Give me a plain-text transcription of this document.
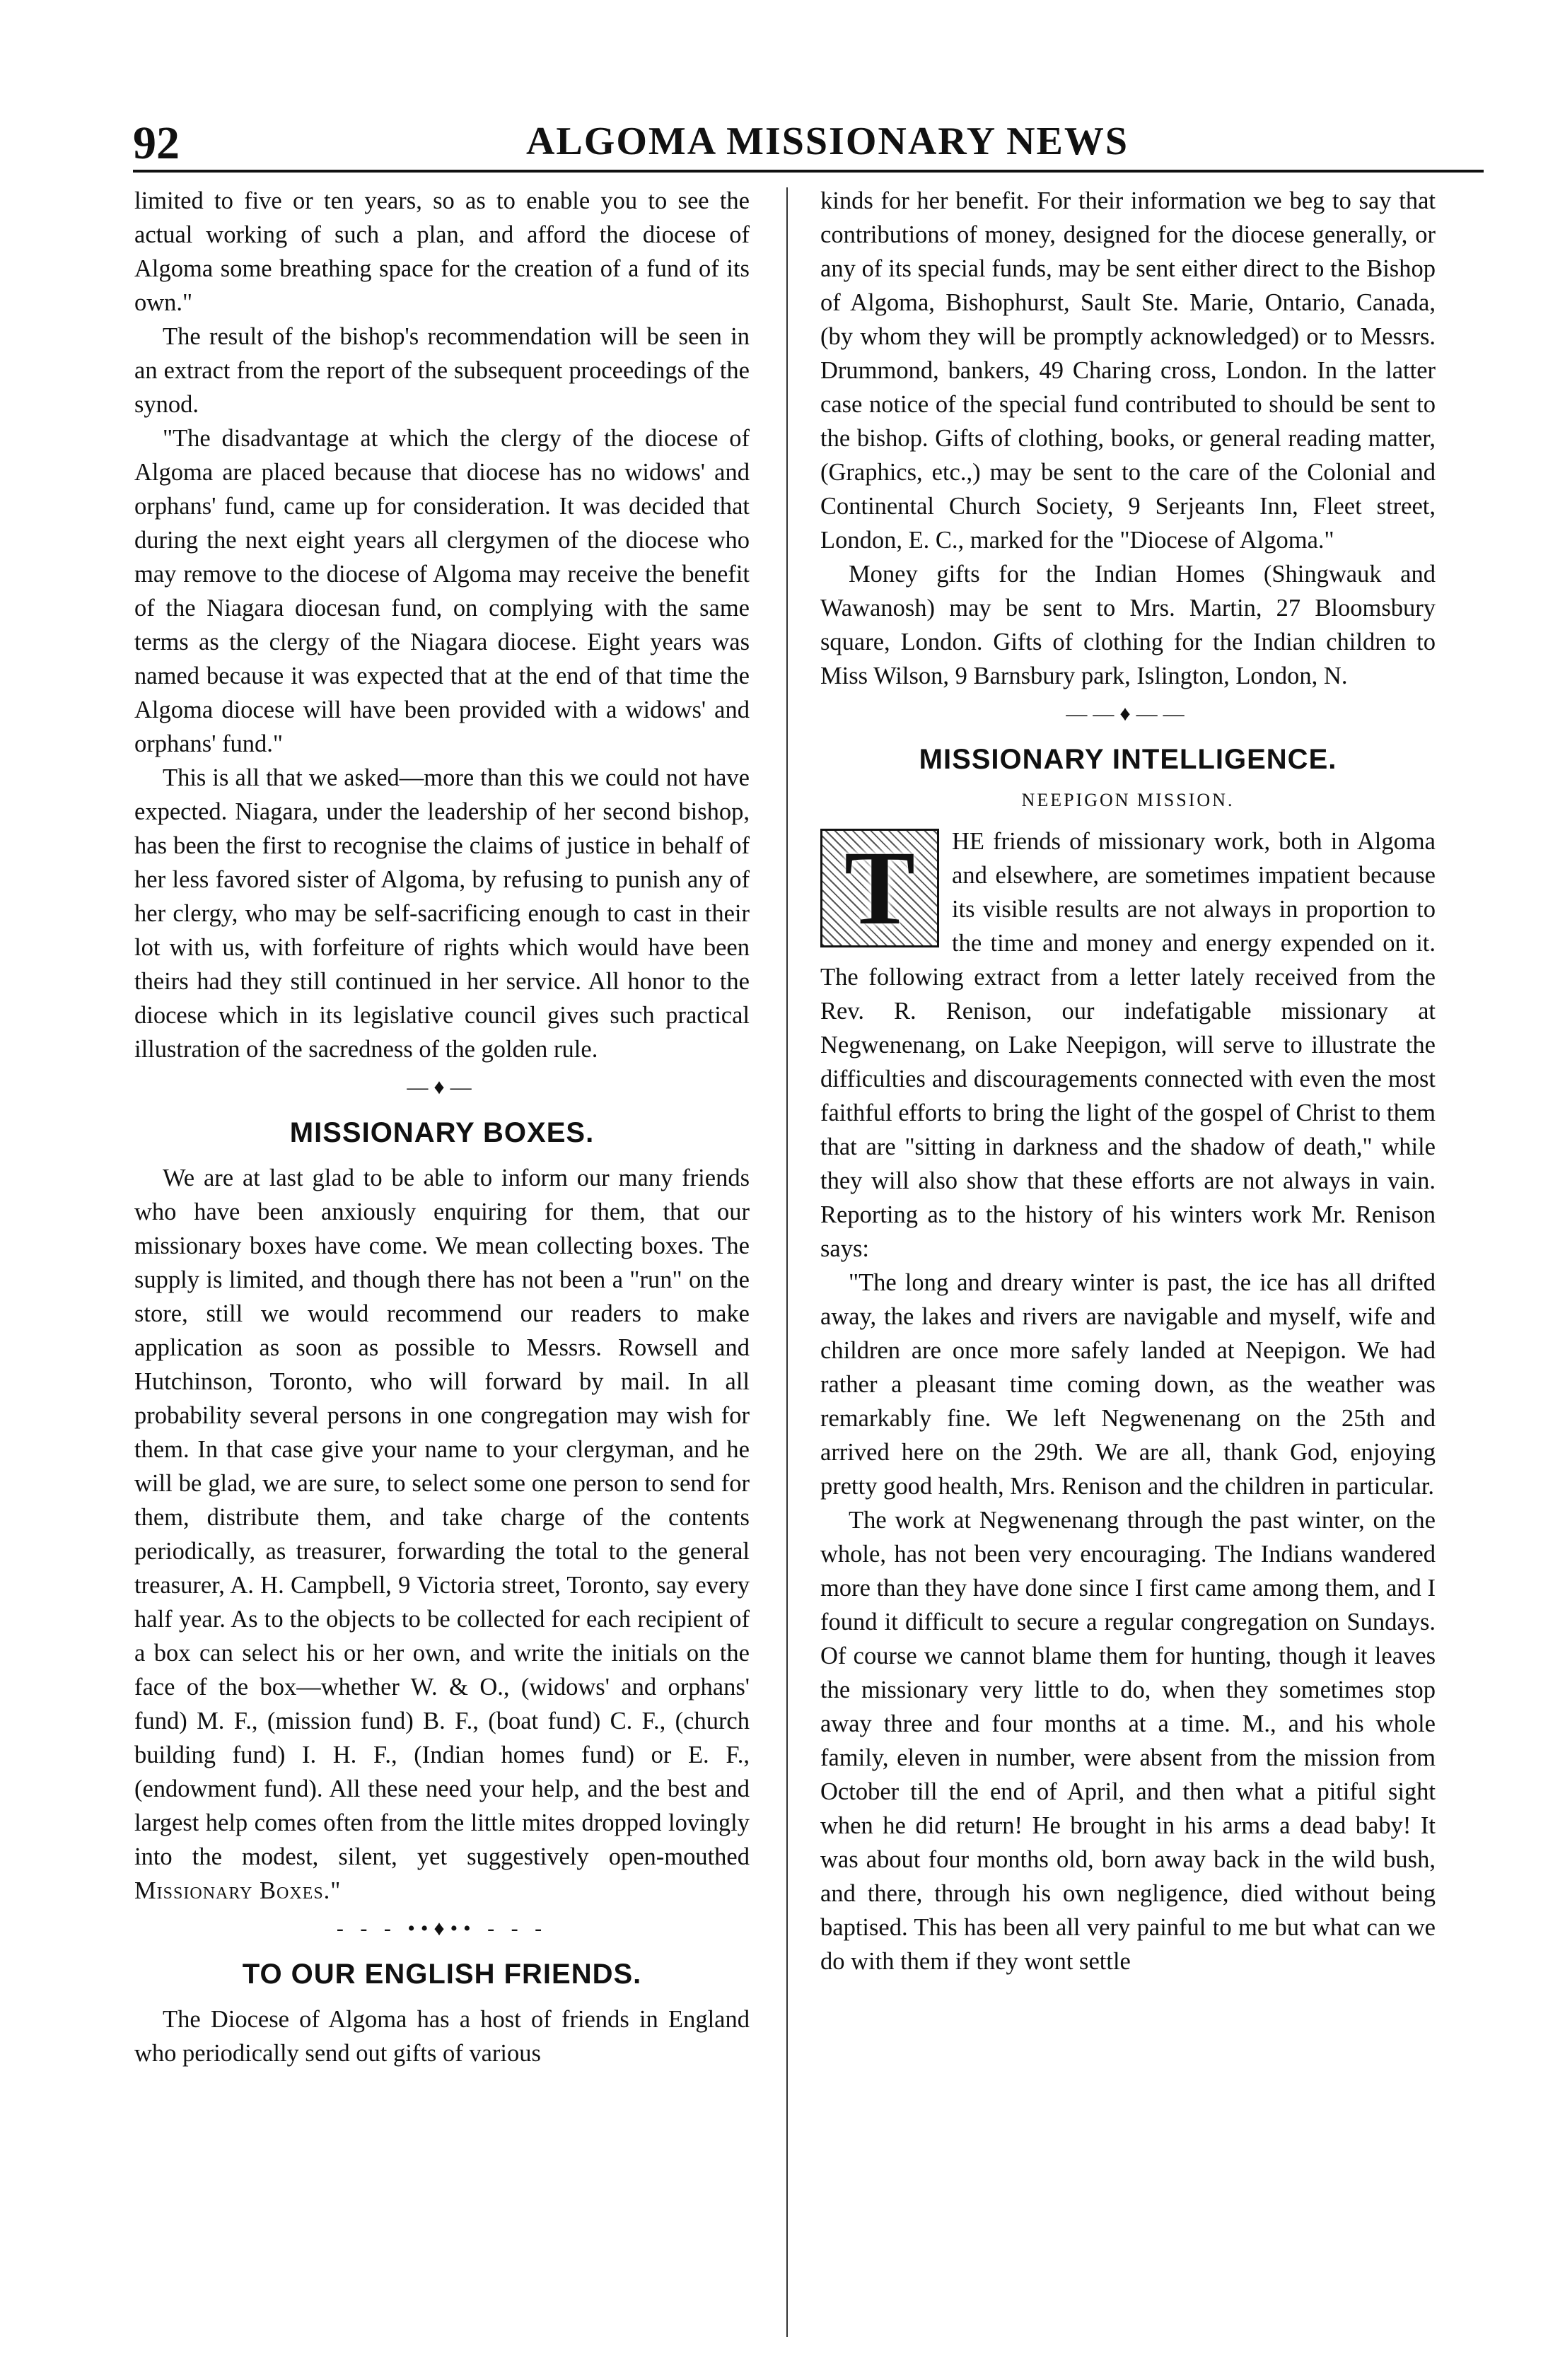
92	ALGOMA MISSIONARY NEWS

limited to five or ten years, so as to enable you to see the actual working of such a plan, and afford the diocese of Algoma some breathing space for the creation of a fund of its own."

The result of the bishop's recommendation will be seen in an extract from the report of the subsequent proceedings of the synod.

"The disadvantage at which the clergy of the diocese of Algoma are placed because that diocese has no widows' and orphans' fund, came up for consideration. It was decided that during the next eight years all clergymen of the diocese who may remove to the diocese of Algoma may receive the benefit of the Niagara diocesan fund, on complying with the same terms as the clergy of the Niagara diocese. Eight years was named because it was expected that at the end of that time the Algoma diocese will have been provided with a widows' and orphans' fund."

This is all that we asked—more than this we could not have expected. Niagara, under the leadership of her second bishop, has been the first to recognise the claims of justice in behalf of her less favored sister of Algoma, by refusing to punish any of her clergy, who may be self-sacrificing enough to cast in their lot with us, with forfeiture of rights which would have been theirs had they still continued in her service. All honor to the diocese which in its legislative council gives such practical illustration of the sacredness of the golden rule.

—♦—
MISSIONARY BOXES.

We are at last glad to be able to inform our many friends who have been anxiously enquiring for them, that our missionary boxes have come. We mean collecting boxes. The supply is limited, and though there has not been a "run" on the store, still we would recommend our readers to make application as soon as possible to Messrs. Rowsell and Hutchinson, Toronto, who will forward by mail. In all probability several persons in one congregation may wish for them. In that case give your name to your clergyman, and he will be glad, we are sure, to select some one person to send for them, distribute them, and take charge of the contents periodically, as treasurer, forwarding the total to the general treasurer, A. H. Campbell, 9 Victoria street, Toronto, say every half year. As to the objects to be collected for each recipient of a box can select his or her own, and write the initials on the face of the box—whether W. & O., (widows' and orphans' fund) M. F., (mission fund) B. F., (boat fund) C. F., (church building fund) I. H. F., (Indian homes fund) or E. F., (endowment fund). All these need your help, and the best and largest help comes often from the little mites dropped lovingly into the modest, silent, yet suggestively open-mouthed Missionary Boxes."

- - - ••♦•• - - -
TO OUR ENGLISH FRIENDS.

The Diocese of Algoma has a host of friends in England who periodically send out gifts of various

kinds for her benefit. For their information we beg to say that contributions of money, designed for the diocese generally, or any of its special funds, may be sent either direct to the Bishop of Algoma, Bishophurst, Sault Ste. Marie, Ontario, Canada, (by whom they will be promptly acknowledged) or to Messrs. Drummond, bankers, 49 Charing cross, London. In the latter case notice of the special fund contributed to should be sent to the bishop. Gifts of clothing, books, or general reading matter, (Graphics, etc.,) may be sent to the care of the Colonial and Continental Church Society, 9 Serjeants Inn, Fleet street, London, E. C., marked for the "Diocese of Algoma."

Money gifts for the Indian Homes (Shingwauk and Wawanosh) may be sent to Mrs. Martin, 27 Bloomsbury square, London. Gifts of clothing for the Indian children to Miss Wilson, 9 Barnsbury park, Islington, London, N.

——♦——
MISSIONARY INTELLIGENCE.
NEEPIGON MISSION.
T	HE friends of missionary work, both in Algoma and elsewhere, are sometimes impatient because its visible results are not always in proportion to the time and money and energy expended on it. The following extract from a letter lately received from the Rev. R. Renison, our indefatigable missionary at Negwenenang, on Lake Neepigon, will serve to illustrate the difficulties and discouragements connected with even the most faithful efforts to bring the light of the gospel of Christ to them that are "sitting in darkness and the shadow of death," while they will also show that these efforts are not always in vain. Reporting as to the history of his winters work Mr. Renison says:

"The long and dreary winter is past, the ice has all drifted away, the lakes and rivers are navigable and myself, wife and children are once more safely landed at Neepigon. We had rather a pleasant time coming down, as the weather was remarkably fine. We left Negwenenang on the 25th and arrived here on the 29th. We are all, thank God, enjoying pretty good health, Mrs. Renison and the children in particular.

The work at Negwenenang through the past winter, on the whole, has not been very encouraging. The Indians wandered more than they have done since I first came among them, and I found it difficult to secure a regular congregation on Sundays. Of course we cannot blame them for hunting, though it leaves the missionary very little to do, when they sometimes stop away three and four months at a time. M., and his whole family, eleven in number, were absent from the mission from October till the end of April, and then what a pitiful sight when he did return! He brought in his arms a dead baby! It was about four months old, born away back in the wild bush, and there, through his own negligence, died without being baptised. This has been all very painful to me but what can we do with them if they wont settle
